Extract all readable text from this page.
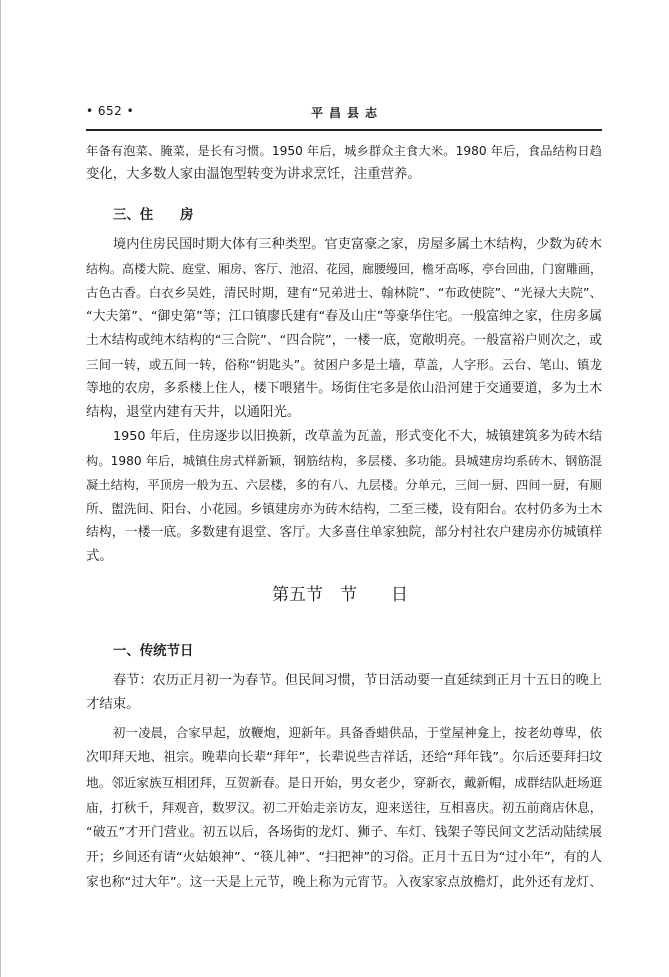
• 652 •	平昌县志
年备有泡菜、腌菜，是长有习惯。1950 年后，城乡群众主食大米。1980 年后，食品结构日趋
变化，大多数人家由温饱型转变为讲求烹饪，注重营养。
三、住　　房
境内住房民国时期大体有三种类型。官吏富豪之家，房屋多属土木结构，少数为砖木
结构。高楼大院、庭堂、厢房、客厅、池沼、花园，廊腰缦回，檐牙高啄，亭台回曲，门窗雕画，
古色古香。白衣乡吴姓，清民时期，建有“兄弟进士、翰林院”、“布政使院”、“光禄大夫院”、
“大夫第”、“御史第”等；江口镇廖氏建有“春及山庄”等豪华住宅。一般富绅之家，住房多属
土木结构或纯木结构的“三合院”、“四合院”，一楼一底，宽敞明亮。一般富裕户则次之，或
三间一转，或五间一转，俗称“钥匙头”。贫困户多是土墙，草盖，人字形。云台、笔山、镇龙
等地的农房，多系楼上住人，楼下喂猪牛。场街住宅多是依山沿河建于交通要道，多为土木
结构，退堂内建有天井，以通阳光。
1950 年后，住房逐步以旧换新，改草盖为瓦盖，形式变化不大，城镇建筑多为砖木结
构。1980 年后，城镇住房式样新颖，钢筋结构，多层楼、多功能。县城建房均系砖木、钢筋混
凝土结构，平顶房一般为五、六层楼，多的有八、九层楼。分单元，三间一厨、四间一厨，有厕
所、盥洗间、阳台、小花园。乡镇建房亦为砖木结构，二至三楼，设有阳台。农村仍多为土木
结构，一楼一底。多数建有退堂、客厅。大多喜住单家独院，部分村社农户建房亦仿城镇样
式。
第五节　节　　日
一、传统节日
春节：农历正月初一为春节。但民间习惯，节日活动要一直延续到正月十五日的晚上
才结束。
初一凌晨，合家早起，放鞭炮，迎新年。具备香蜡供品，于堂屋神龛上，按老幼尊卑，依
次叩拜天地、祖宗。晚辈向长辈“拜年”，长辈说些吉祥话，还给“拜年钱”。尔后还要拜扫坟
地。邻近家族互相团拜，互贺新春。是日开始，男女老少，穿新衣，戴新帽，成群结队赶场逛
庙，打秋千，拜观音，数罗汉。初二开始走亲访友，迎来送往，互相喜庆。初五前商店休息，
“破五”才开门营业。初五以后，各场街的龙灯、狮子、车灯、钱架子等民间文艺活动陆续展
开；乡间还有请“火姑娘神”、“筷儿神”、“扫把神”的习俗。正月十五日为“过小年”，有的人
家也称“过大年”。这一天是上元节，晚上称为元宵节。入夜家家点放檐灯，此外还有龙灯、
